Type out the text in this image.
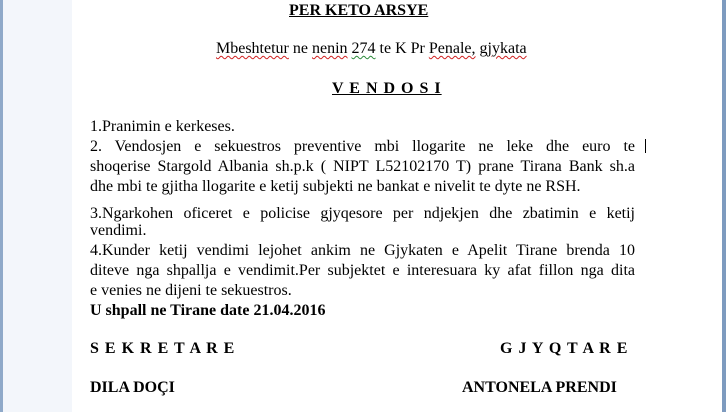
PER KETO ARSYE
Mbeshtetur ne nenin 274 te K Pr Penale, gjykata
V E N D O S I
1.Pranimin e kerkeses.
2. Vendosjen e sekuestros preventive mbi llogarite ne leke dhe euro te
shoqerise Stargold Albania sh.p.k ( NIPT L52102170 T) prane Tirana Bank sh.a
dhe mbi te gjitha llogarite e ketij subjekti ne bankat e nivelit te dyte ne RSH.
3.Ngarkohen oficeret e policise gjyqesore per ndjekjen dhe zbatimin e ketij
vendimi.
4.Kunder ketij vendimi lejohet ankim ne Gjykaten e Apelit Tirane brenda 10
diteve nga shpallja e vendimit.Per subjektet e interesuara ky afat fillon nga dita
e venies ne dijeni te sekuestros.
U shpall ne Tirane date 21.04.2016
S E K R E T A R E	G J Y Q T A R E
DILA DOÇI	ANTONELA PRENDI
